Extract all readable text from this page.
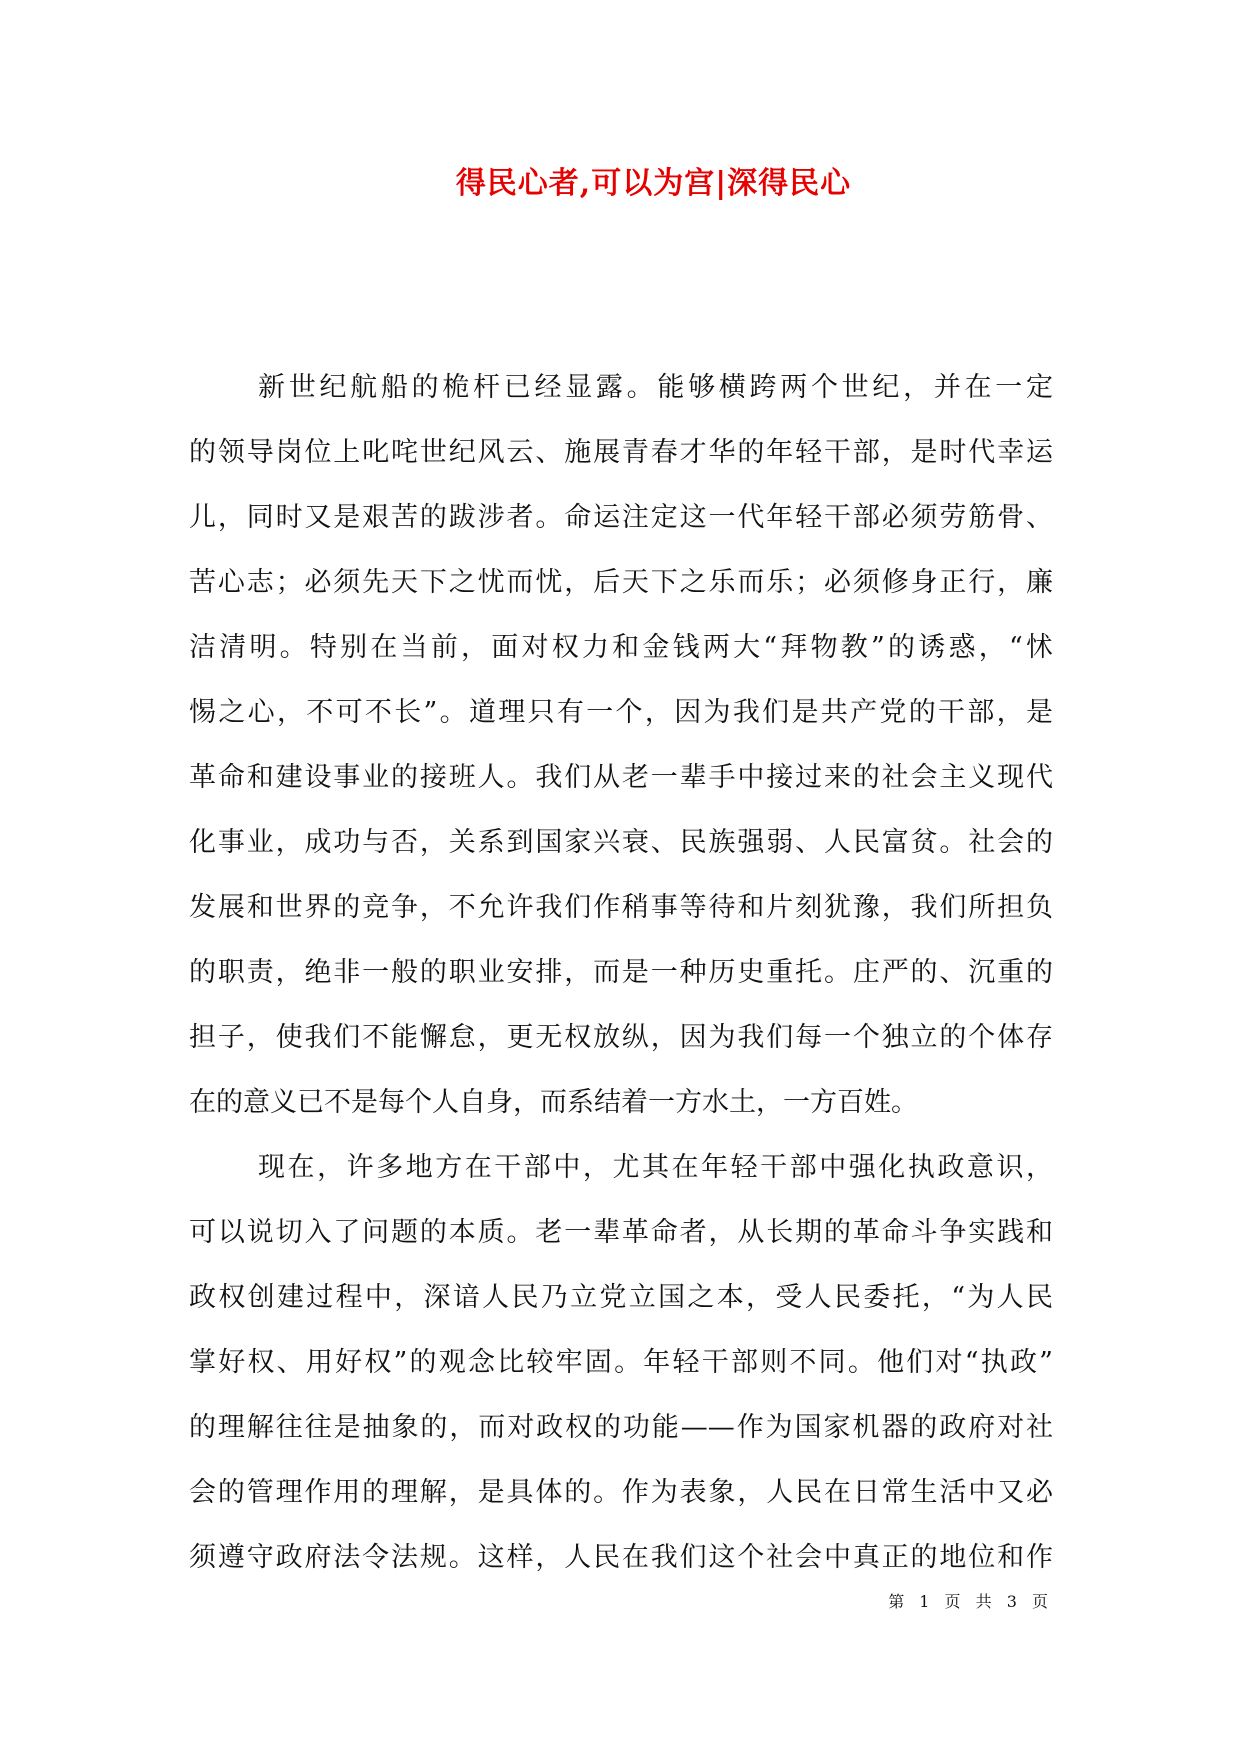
得民心者,可以为宫|深得民心
新世纪航船的桅杆已经显露。能够横跨两个世纪，并在一定
的领导岗位上叱咤世纪风云、施展青春才华的年轻干部，是时代幸运
儿，同时又是艰苦的跋涉者。命运注定这一代年轻干部必须劳筋骨、
苦心志；必须先天下之忧而忧，后天下之乐而乐；必须修身正行，廉
洁清明。特别在当前，面对权力和金钱两大“拜物教”的诱惑，“怵
惕之心，不可不长”。道理只有一个，因为我们是共产党的干部，是
革命和建设事业的接班人。我们从老一辈手中接过来的社会主义现代
化事业，成功与否，关系到国家兴衰、民族强弱、人民富贫。社会的
发展和世界的竞争，不允许我们作稍事等待和片刻犹豫，我们所担负
的职责，绝非一般的职业安排，而是一种历史重托。庄严的、沉重的
担子，使我们不能懈怠，更无权放纵，因为我们每一个独立的个体存
在的意义已不是每个人自身，而系结着一方水土，一方百姓。
现在，许多地方在干部中，尤其在年轻干部中强化执政意识，
可以说切入了问题的本质。老一辈革命者，从长期的革命斗争实践和
政权创建过程中，深谙人民乃立党立国之本，受人民委托，“为人民
掌好权、用好权”的观念比较牢固。年轻干部则不同。他们对“执政”
的理解往往是抽象的，而对政权的功能——作为国家机器的政府对社
会的管理作用的理解，是具体的。作为表象，人民在日常生活中又必
须遵守政府法令法规。这样，人民在我们这个社会中真正的地位和作
第 1 页 共 3 页
